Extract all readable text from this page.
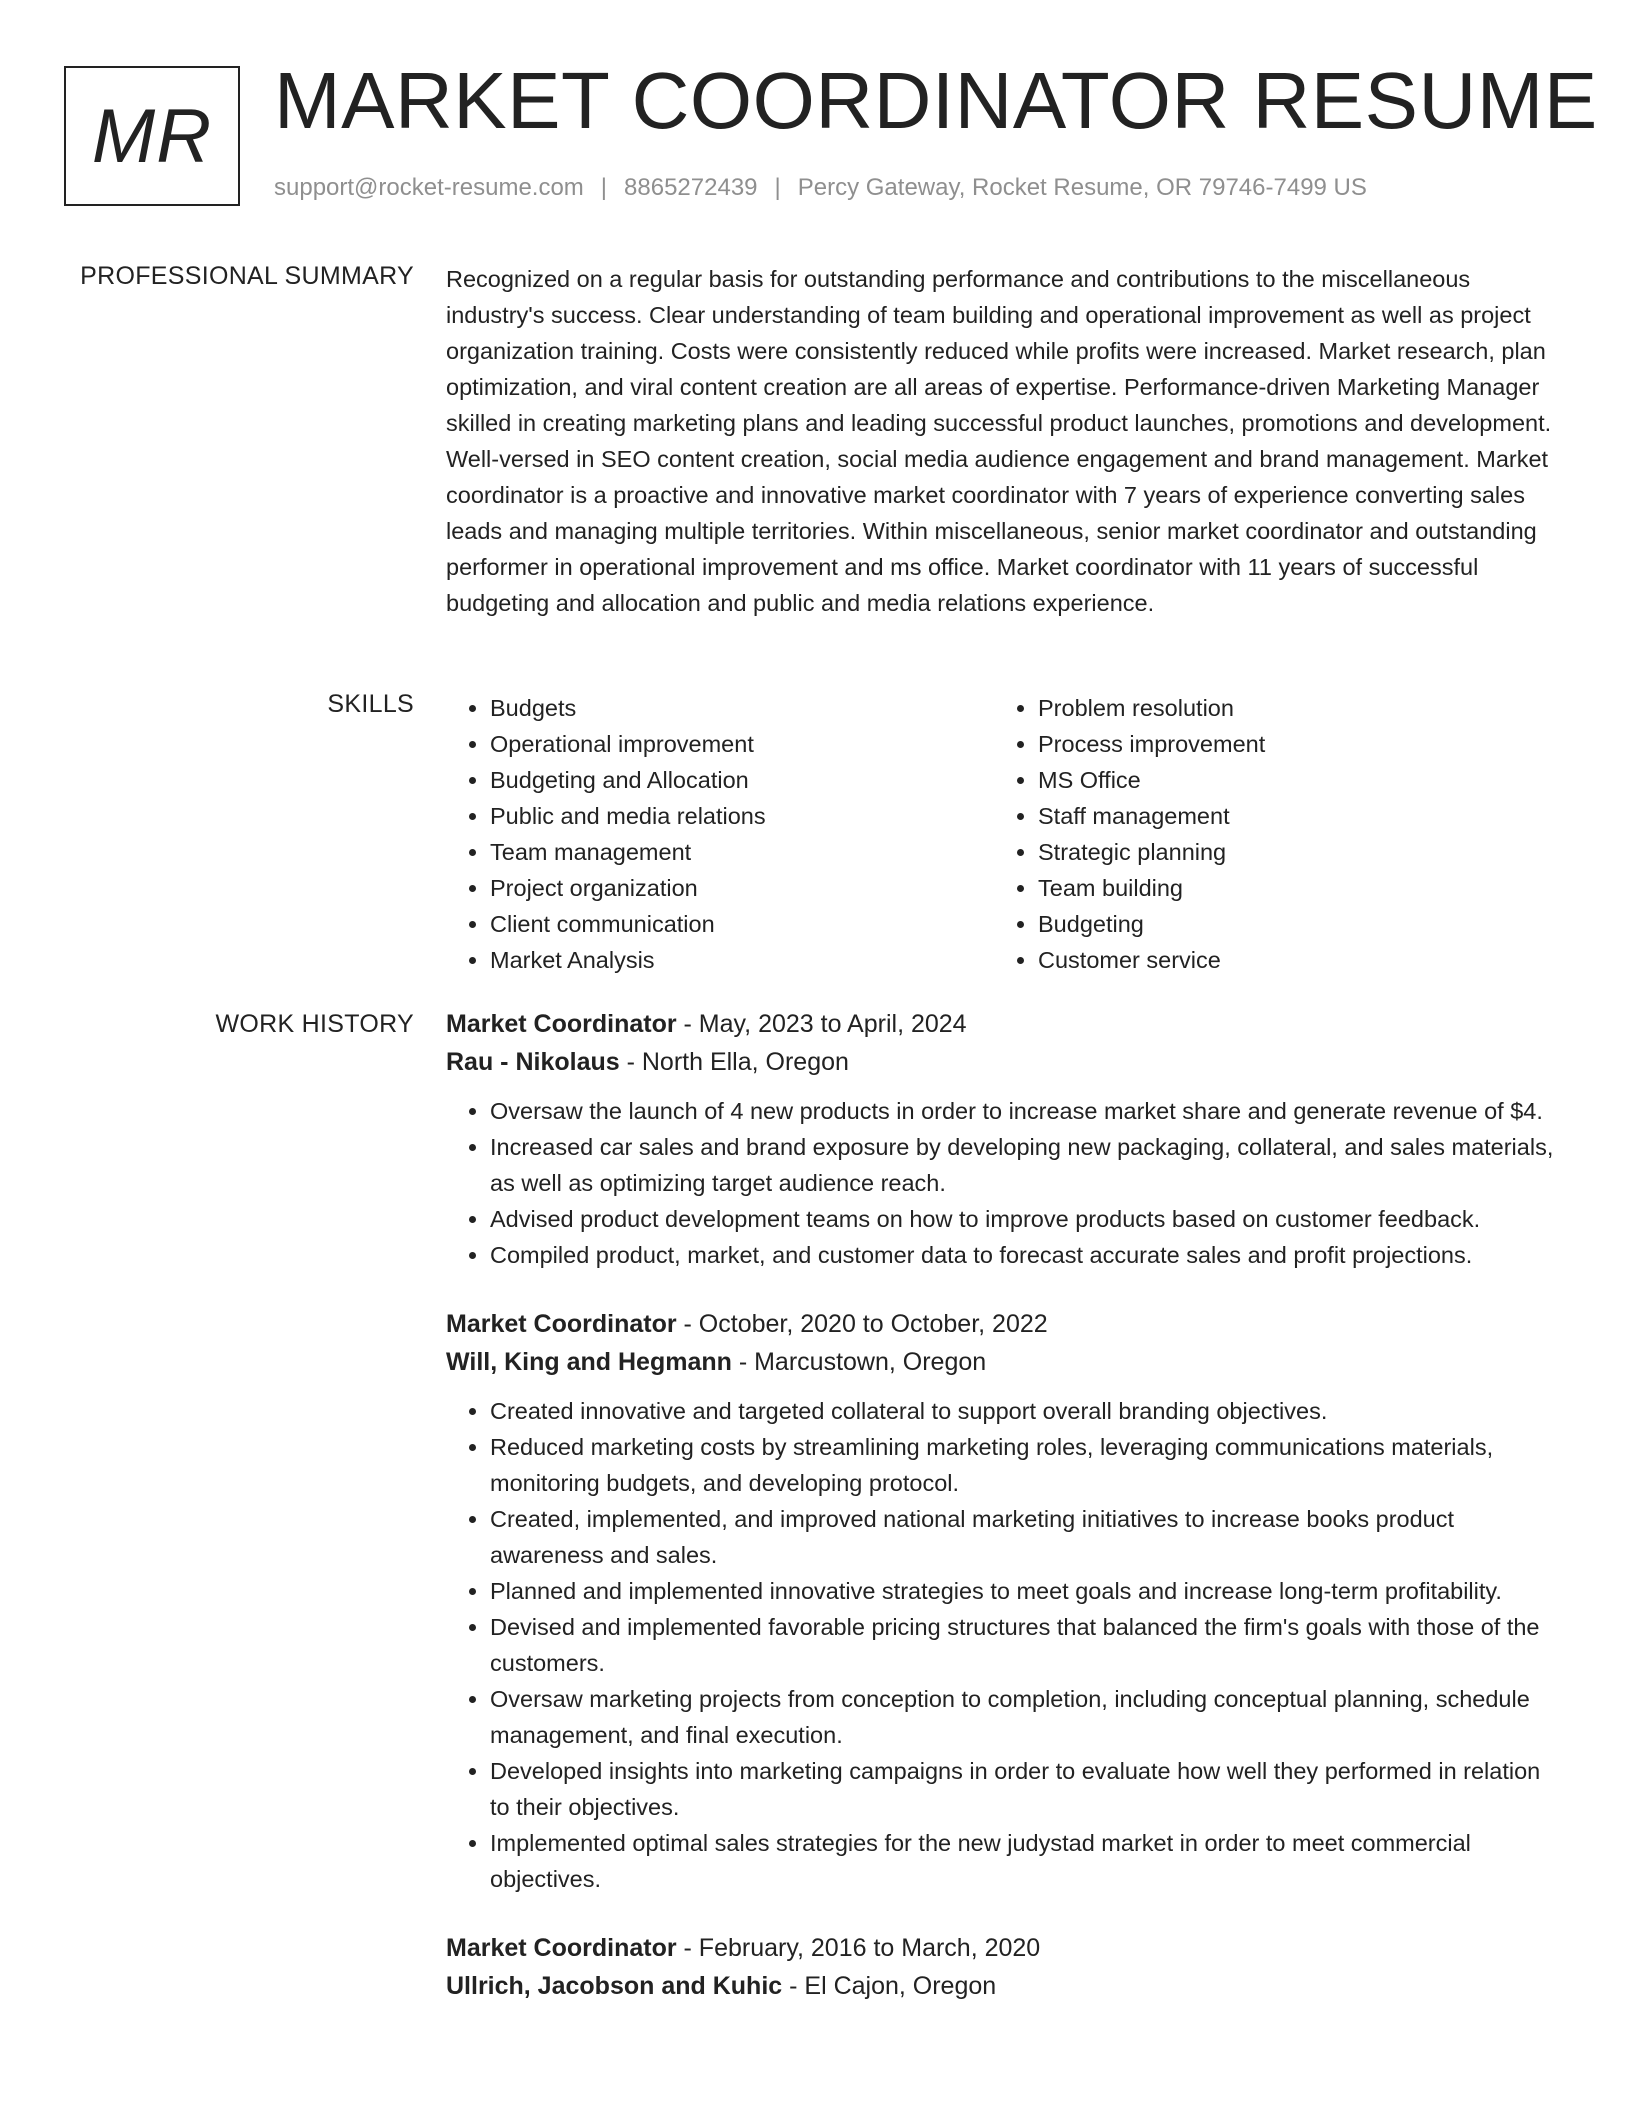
MR MARKET COORDINATOR RESUME
support@rocket-resume.com | 8865272439 | Percy Gateway, Rocket Resume, OR 79746-7499 US
PROFESSIONAL SUMMARY Recognized on a regular basis for outstanding performance and contributions to the miscellaneous industry's success. Clear understanding of team building and operational improvement as well as project organization training. Costs were consistently reduced while profits were increased. Market research, plan optimization, and viral content creation are all areas of expertise. Performance-driven Marketing Manager skilled in creating marketing plans and leading successful product launches, promotions and development. Well-versed in SEO content creation, social media audience engagement and brand management. Market coordinator is a proactive and innovative market coordinator with 7 years of experience converting sales leads and managing multiple territories. Within miscellaneous, senior market coordinator and outstanding performer in operational improvement and ms office. Market coordinator with 11 years of successful budgeting and allocation and public and media relations experience.

SKILLS
•	Budgets
• Operational improvement
• Budgeting and Allocation
• Public and media relations
• Team management
• Project organization
• Client communication
• Market Analysis
• Problem resolution
• Process improvement
• MS Office
• Staff management
• Strategic planning
• Team building
• Budgeting
• Customer service
WORK HISTORY Market Coordinator - May, 2023 to April, 2024
Rau - Nikolaus - North Ella, Oregon
• Oversaw the launch of 4 new products in order to increase market share and generate revenue of $4.
• Increased car sales and brand exposure by developing new packaging, collateral, and sales materials, as well as optimizing target audience reach.
• Advised product development teams on how to improve products based on customer feedback.
• Compiled product, market, and customer data to forecast accurate sales and profit projections.
Market Coordinator - October, 2020 to October, 2022
Will, King and Hegmann - Marcustown, Oregon
• Created innovative and targeted collateral to support overall branding objectives.
• Reduced marketing costs by streamlining marketing roles, leveraging communications materials, monitoring budgets, and developing protocol.
• Created, implemented, and improved national marketing initiatives to increase books product awareness and sales.
• Planned and implemented innovative strategies to meet goals and increase long-term profitability.
• Devised and implemented favorable pricing structures that balanced the firm's goals with those of the customers.
• Oversaw marketing projects from conception to completion, including conceptual planning, schedule management, and final execution.
• Developed insights into marketing campaigns in order to evaluate how well they performed in relation to their objectives.
• Implemented optimal sales strategies for the new judystad market in order to meet commercial objectives.
Market Coordinator - February, 2016 to March, 2020
Ullrich, Jacobson and Kuhic - El Cajon, Oregon
